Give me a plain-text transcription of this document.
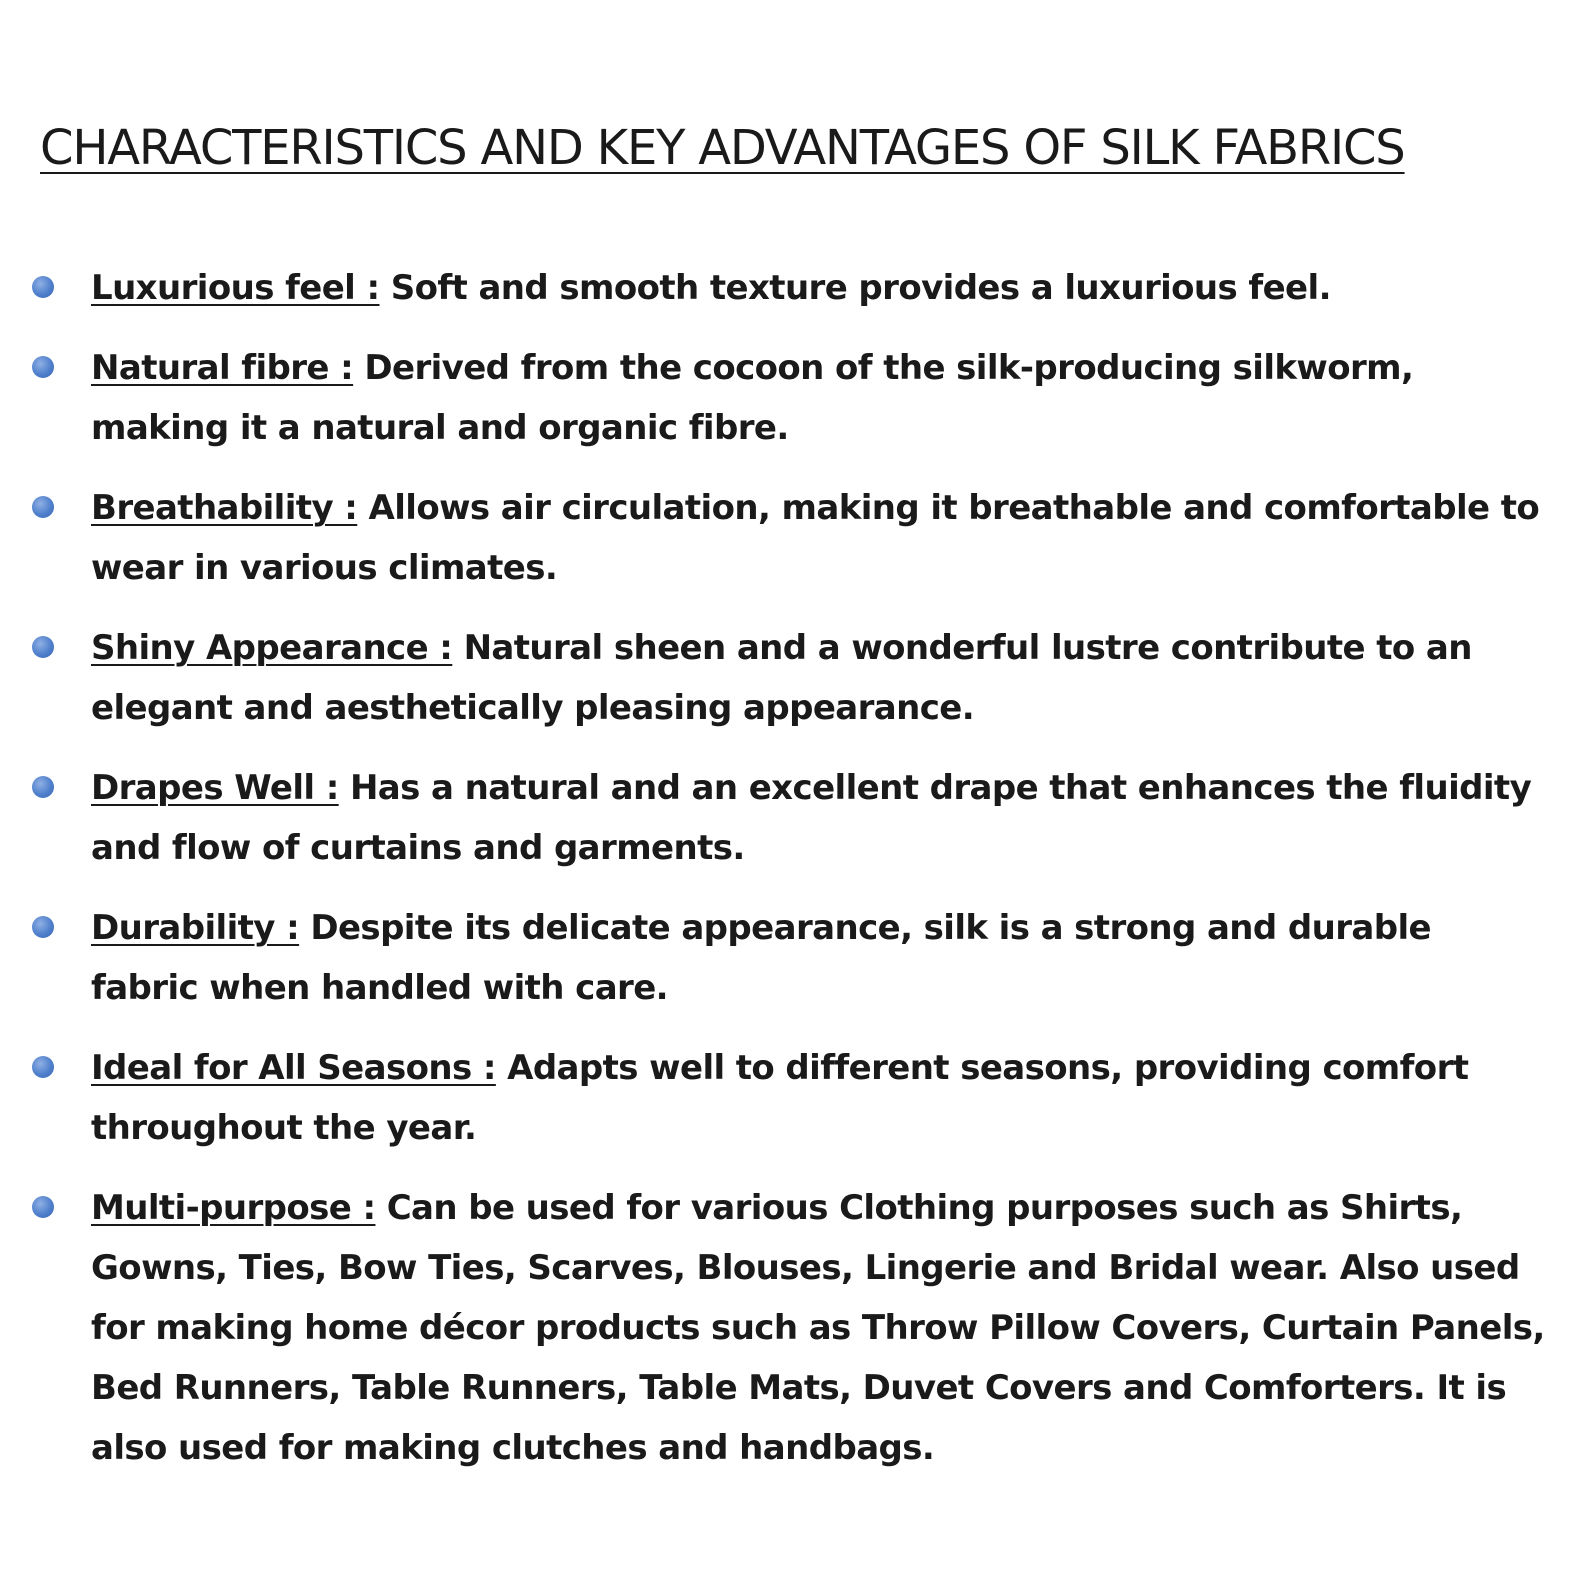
CHARACTERISTICS AND KEY ADVANTAGES OF SILK FABRICS
Luxurious feel : Soft and smooth texture provides a luxurious feel.
Natural fibre : Derived from the cocoon of the silk-producing silkworm, making it a natural and organic fibre.
Breathability : Allows air circulation, making it breathable and comfortable to wear in various climates.
Shiny Appearance : Natural sheen and a wonderful lustre contribute to an elegant and aesthetically pleasing appearance.
Drapes Well : Has a natural and an excellent drape that enhances the fluidity and flow of curtains and garments.
Durability : Despite its delicate appearance, silk is a strong and durable fabric when handled with care.
Ideal for All Seasons : Adapts well to different seasons, providing comfort throughout the year.
Multi-purpose : Can be used for various Clothing purposes such as Shirts, Gowns, Ties, Bow Ties, Scarves, Blouses, Lingerie and Bridal wear. Also used for making home décor products such as Throw Pillow Covers, Curtain Panels, Bed Runners, Table Runners, Table Mats, Duvet Covers and Comforters. It is also used for making clutches and handbags.
